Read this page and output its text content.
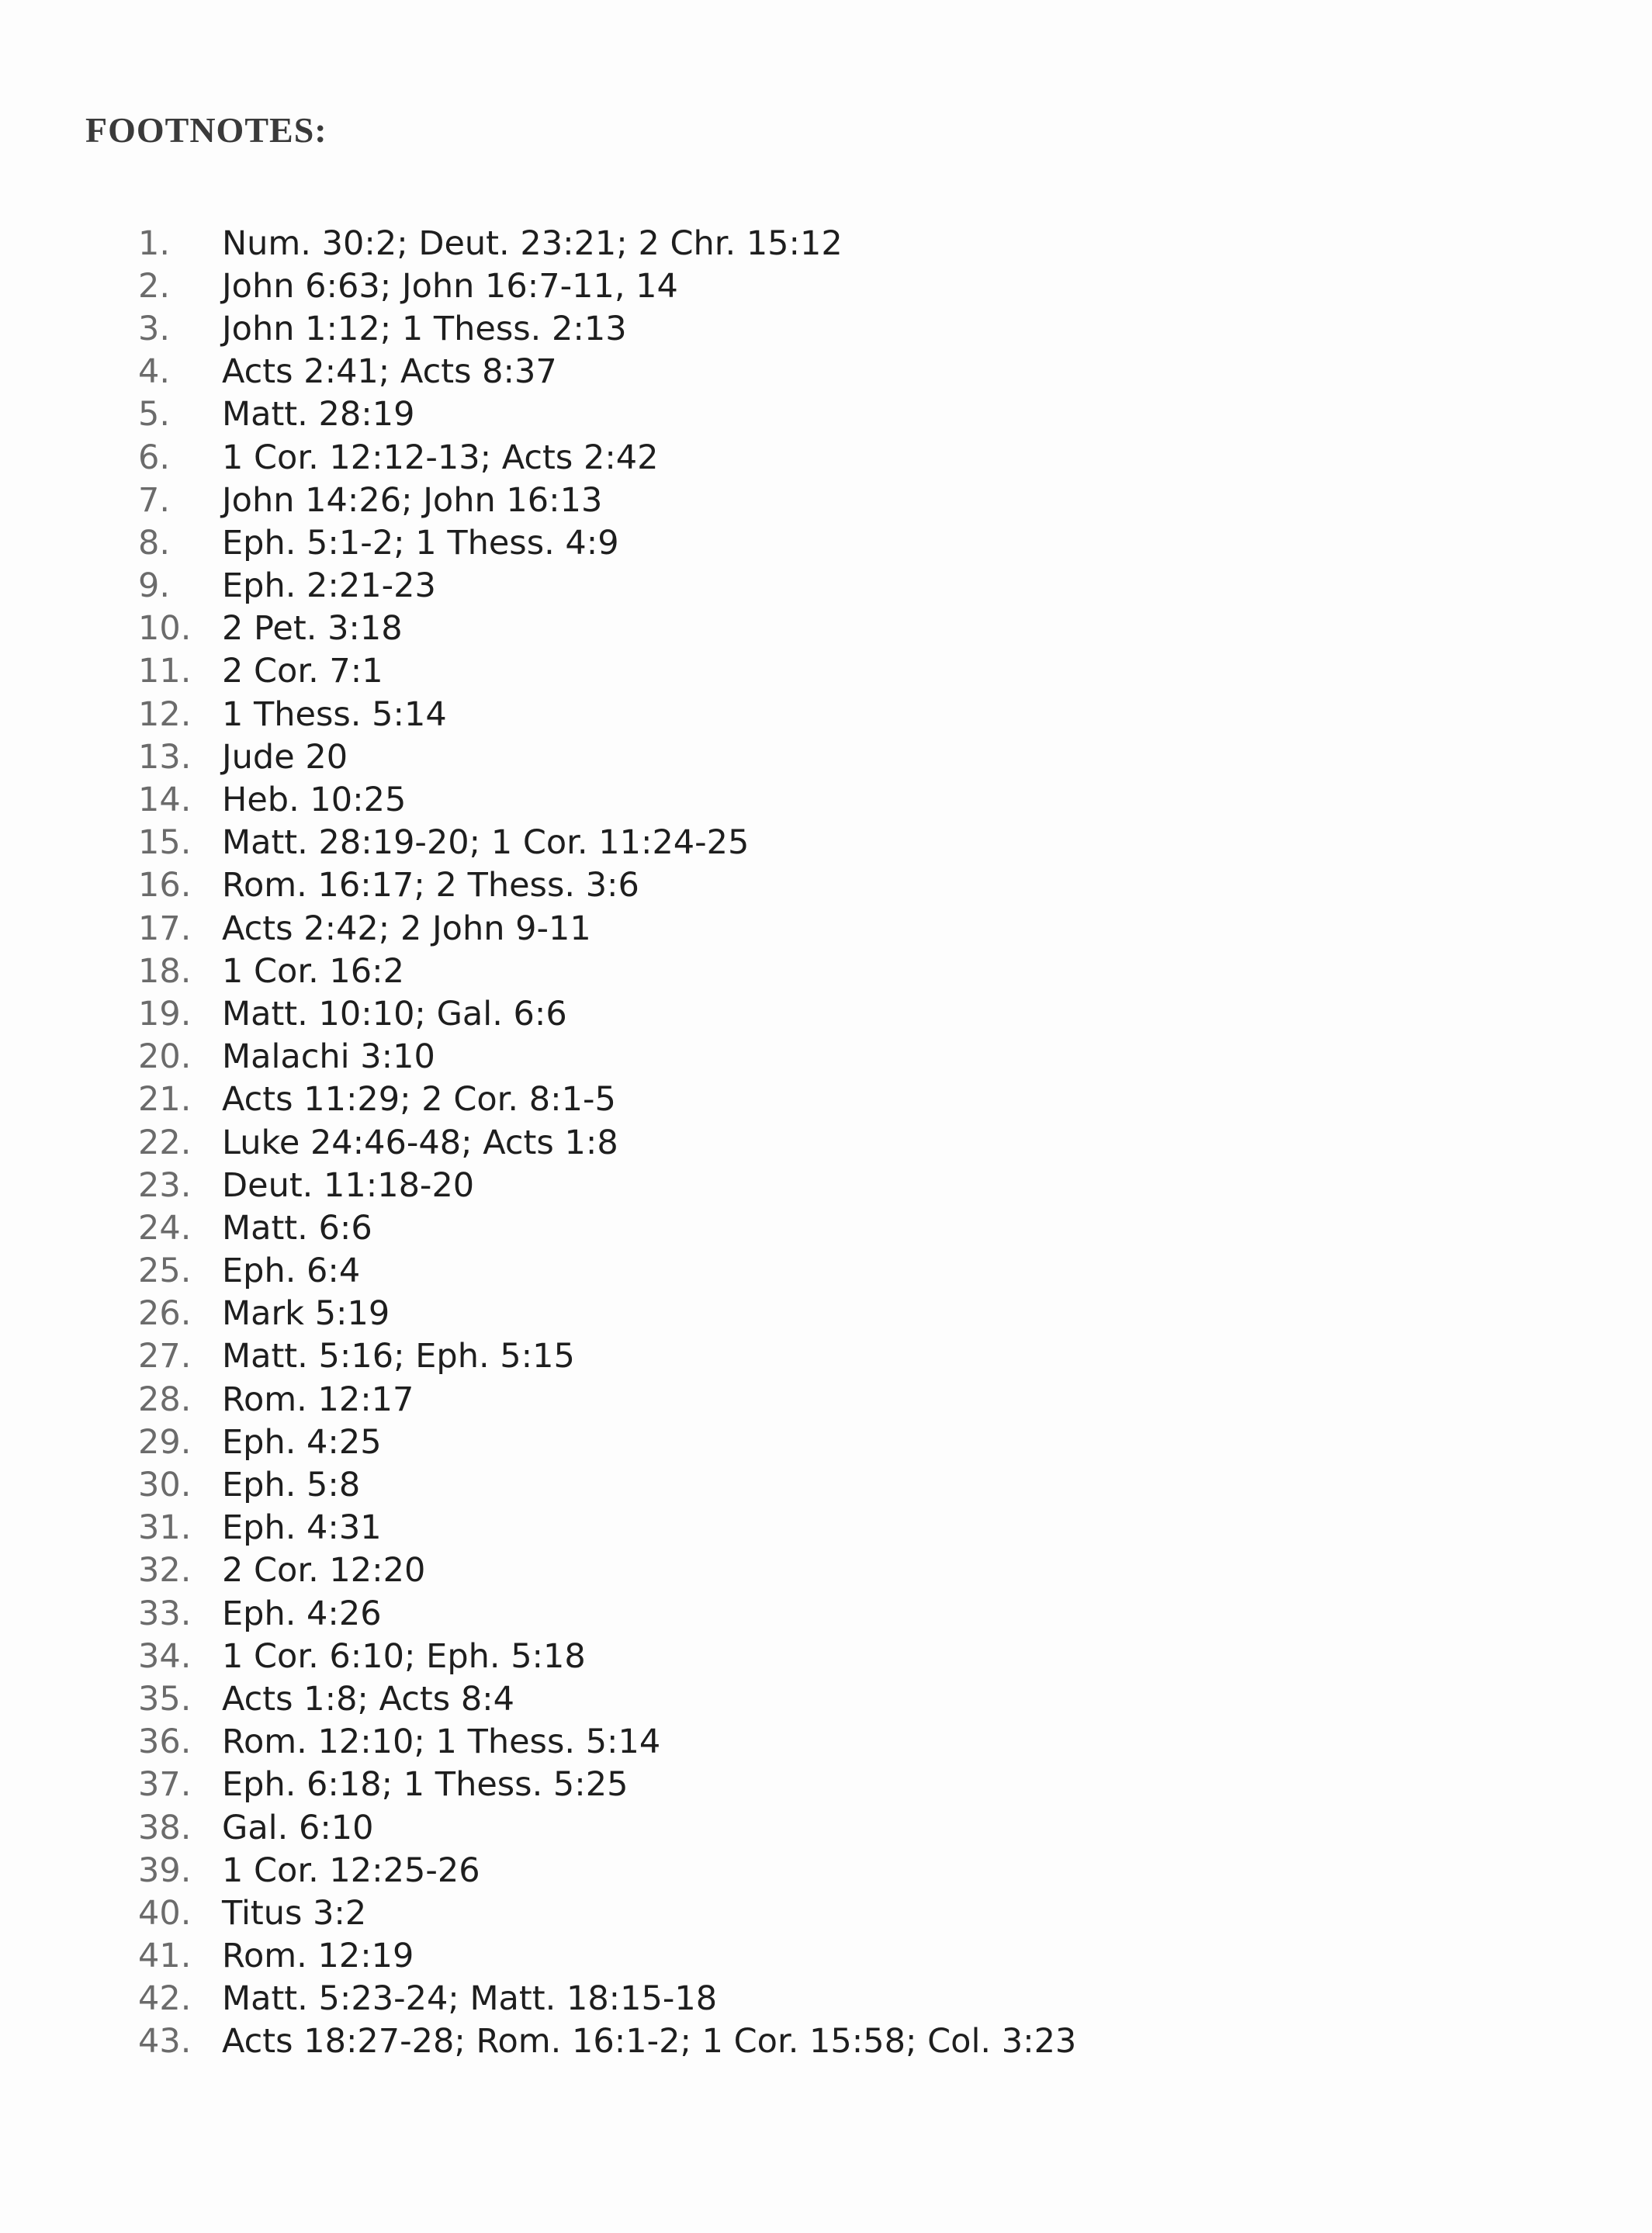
FOOTNOTES:
1.	Num. 30:2; Deut. 23:21; 2 Chr. 15:12
2.	John 6:63; John 16:7-11, 14
3.	John 1:12; 1 Thess. 2:13
4.	Acts 2:41; Acts 8:37
5.	Matt. 28:19
6.	1 Cor. 12:12-13; Acts 2:42
7.	John 14:26; John 16:13
8.	Eph. 5:1-2; 1 Thess. 4:9
9.	Eph. 2:21-23
10. 2 Pet. 3:18
11. 2 Cor. 7:1
12. 1 Thess. 5:14
13. Jude 20
14. Heb. 10:25
15. Matt. 28:19-20; 1 Cor. 11:24-25
16. Rom. 16:17; 2 Thess. 3:6
17. Acts 2:42; 2 John 9-11
18. 1 Cor. 16:2
19. Matt. 10:10; Gal. 6:6
20. Malachi 3:10
21. Acts 11:29; 2 Cor. 8:1-5
22. Luke 24:46-48; Acts 1:8
23. Deut. 11:18-20
24. Matt. 6:6
25. Eph. 6:4
26. Mark 5:19
27. Matt. 5:16; Eph. 5:15
28. Rom. 12:17
29. Eph. 4:25
30. Eph. 5:8
31. Eph. 4:31
32. 2 Cor. 12:20
33. Eph. 4:26
34. 1 Cor. 6:10; Eph. 5:18
35. Acts 1:8; Acts 8:4
36. Rom. 12:10; 1 Thess. 5:14
37. Eph. 6:18; 1 Thess. 5:25
38. Gal. 6:10
39. 1 Cor. 12:25-26
40. Titus 3:2
41. Rom. 12:19
42. Matt. 5:23-24; Matt. 18:15-18
43. Acts 18:27-28; Rom. 16:1-2; 1 Cor. 15:58; Col. 3:23
